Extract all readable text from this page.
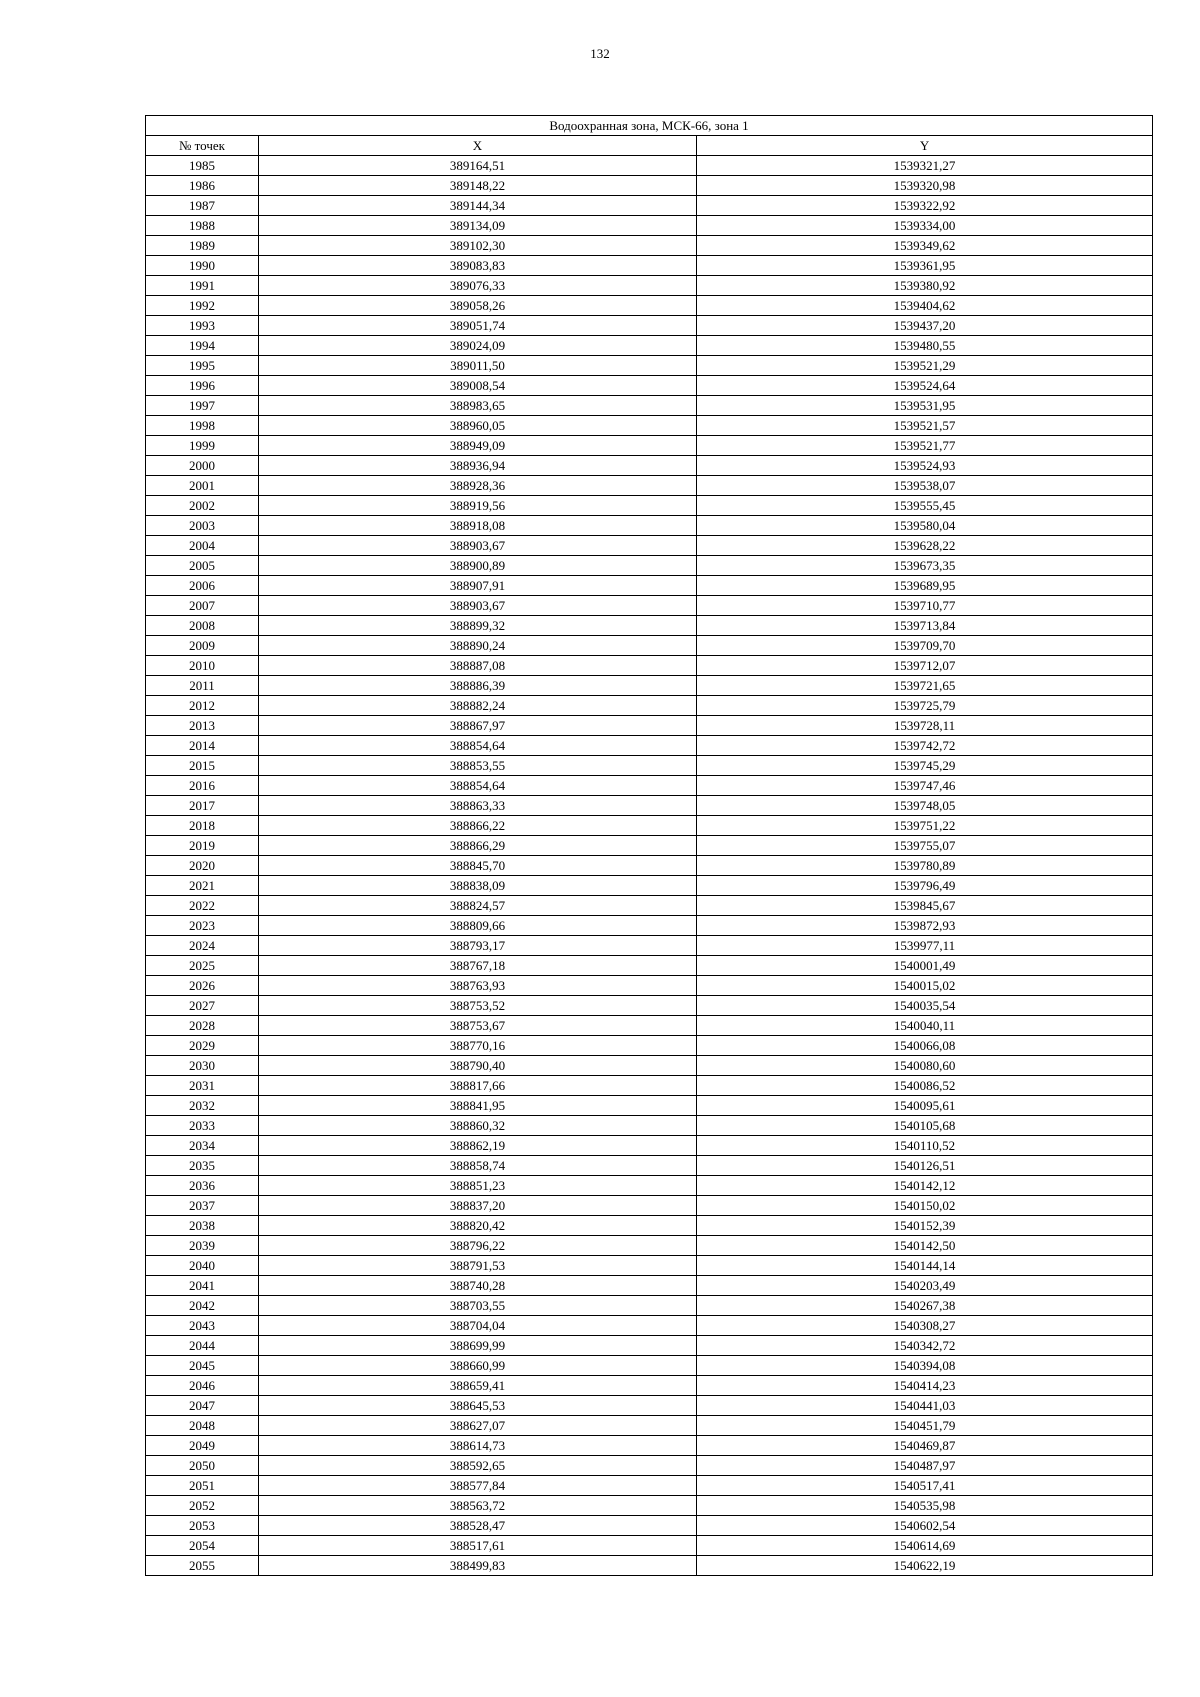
132
Водоохранная зона, МСК-66, зона 1		
№ точек	X	Y
1985	389164,51	1539321,27
1986	389148,22	1539320,98
1987	389144,34	1539322,92
1988	389134,09	1539334,00
1989	389102,30	1539349,62
1990	389083,83	1539361,95
1991	389076,33	1539380,92
1992	389058,26	1539404,62
1993	389051,74	1539437,20
1994	389024,09	1539480,55
1995	389011,50	1539521,29
1996	389008,54	1539524,64
1997	388983,65	1539531,95
1998	388960,05	1539521,57
1999	388949,09	1539521,77
2000	388936,94	1539524,93
2001	388928,36	1539538,07
2002	388919,56	1539555,45
2003	388918,08	1539580,04
2004	388903,67	1539628,22
2005	388900,89	1539673,35
2006	388907,91	1539689,95
2007	388903,67	1539710,77
2008	388899,32	1539713,84
2009	388890,24	1539709,70
2010	388887,08	1539712,07
2011	388886,39	1539721,65
2012	388882,24	1539725,79
2013	388867,97	1539728,11
2014	388854,64	1539742,72
2015	388853,55	1539745,29
2016	388854,64	1539747,46
2017	388863,33	1539748,05
2018	388866,22	1539751,22
2019	388866,29	1539755,07
2020	388845,70	1539780,89
2021	388838,09	1539796,49
2022	388824,57	1539845,67
2023	388809,66	1539872,93
2024	388793,17	1539977,11
2025	388767,18	1540001,49
2026	388763,93	1540015,02
2027	388753,52	1540035,54
2028	388753,67	1540040,11
2029	388770,16	1540066,08
2030	388790,40	1540080,60
2031	388817,66	1540086,52
2032	388841,95	1540095,61
2033	388860,32	1540105,68
2034	388862,19	1540110,52
2035	388858,74	1540126,51
2036	388851,23	1540142,12
2037	388837,20	1540150,02
2038	388820,42	1540152,39
2039	388796,22	1540142,50
2040	388791,53	1540144,14
2041	388740,28	1540203,49
2042	388703,55	1540267,38
2043	388704,04	1540308,27
2044	388699,99	1540342,72
2045	388660,99	1540394,08
2046	388659,41	1540414,23
2047	388645,53	1540441,03
2048	388627,07	1540451,79
2049	388614,73	1540469,87
2050	388592,65	1540487,97
2051	388577,84	1540517,41
2052	388563,72	1540535,98
2053	388528,47	1540602,54
2054	388517,61	1540614,69
2055	388499,83	1540622,19
